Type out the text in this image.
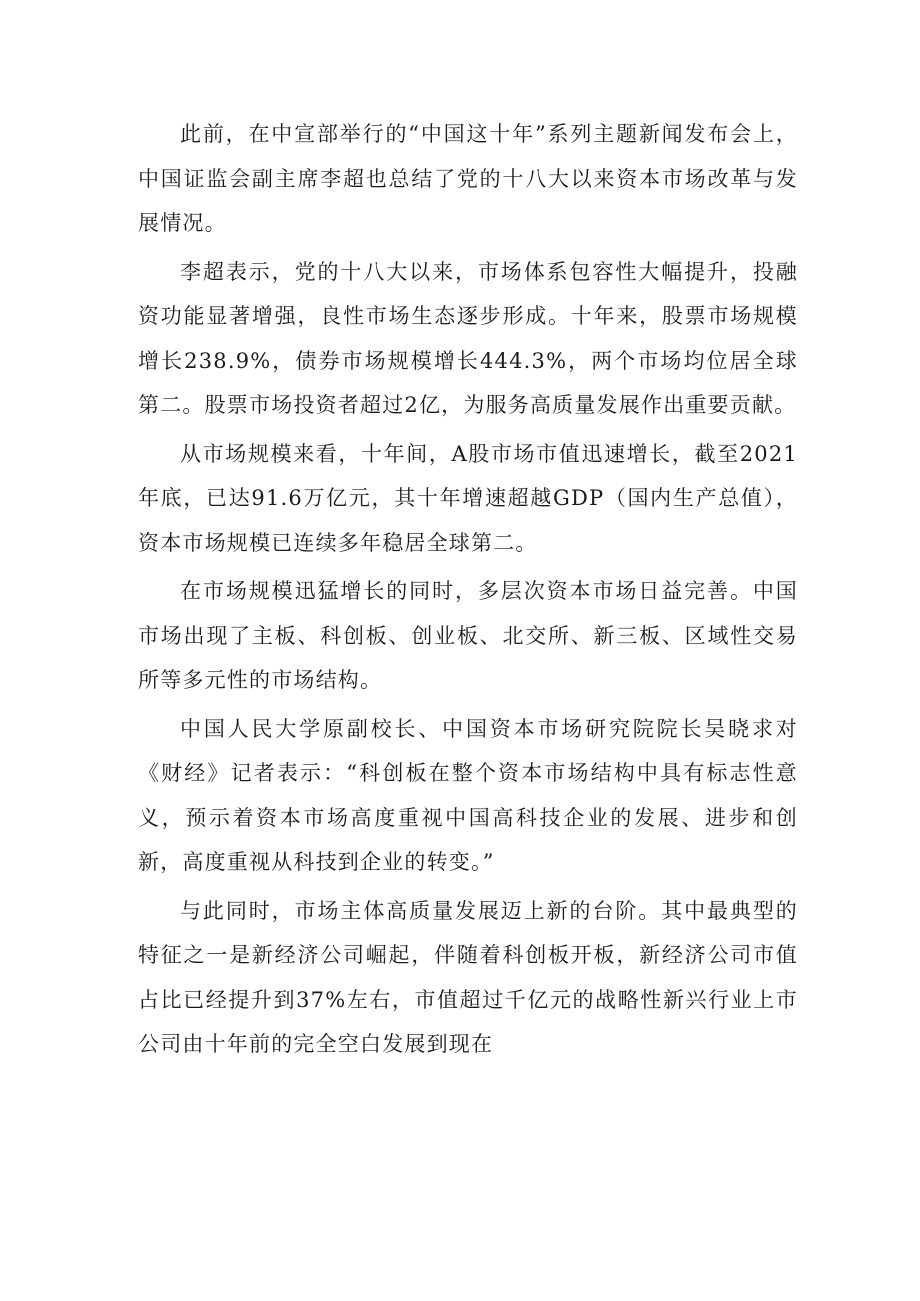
此前，在中宣部举行的“中国这十年”系列主题新闻发布会上，中国证监会副主席李超也总结了党的十八大以来资本市场改革与发展情况。

李超表示，党的十八大以来，市场体系包容性大幅提升，投融资功能显著增强，良性市场生态逐步形成。十年来，股票市场规模增长238.9%，债券市场规模增长444.3%，两个市场均位居全球第二。股票市场投资者超过2亿，为服务高质量发展作出重要贡献。

从市场规模来看，十年间，A股市场市值迅速增长，截至2021年底，已达91.6万亿元，其十年增速超越GDP（国内生产总值），资本市场规模已连续多年稳居全球第二。

在市场规模迅猛增长的同时，多层次资本市场日益完善。中国市场出现了主板、科创板、创业板、北交所、新三板、区域性交易所等多元性的市场结构。

中国人民大学原副校长、中国资本市场研究院院长吴晓求对《财经》记者表示：“科创板在整个资本市场结构中具有标志性意义，预示着资本市场高度重视中国高科技企业的发展、进步和创新，高度重视从科技到企业的转变。”

与此同时，市场主体高质量发展迈上新的台阶。其中最典型的特征之一是新经济公司崛起，伴随着科创板开板，新经济公司市值占比已经提升到37%左右，市值超过千亿元的战略性新兴行业上市公司由十年前的完全空白发展到现在
